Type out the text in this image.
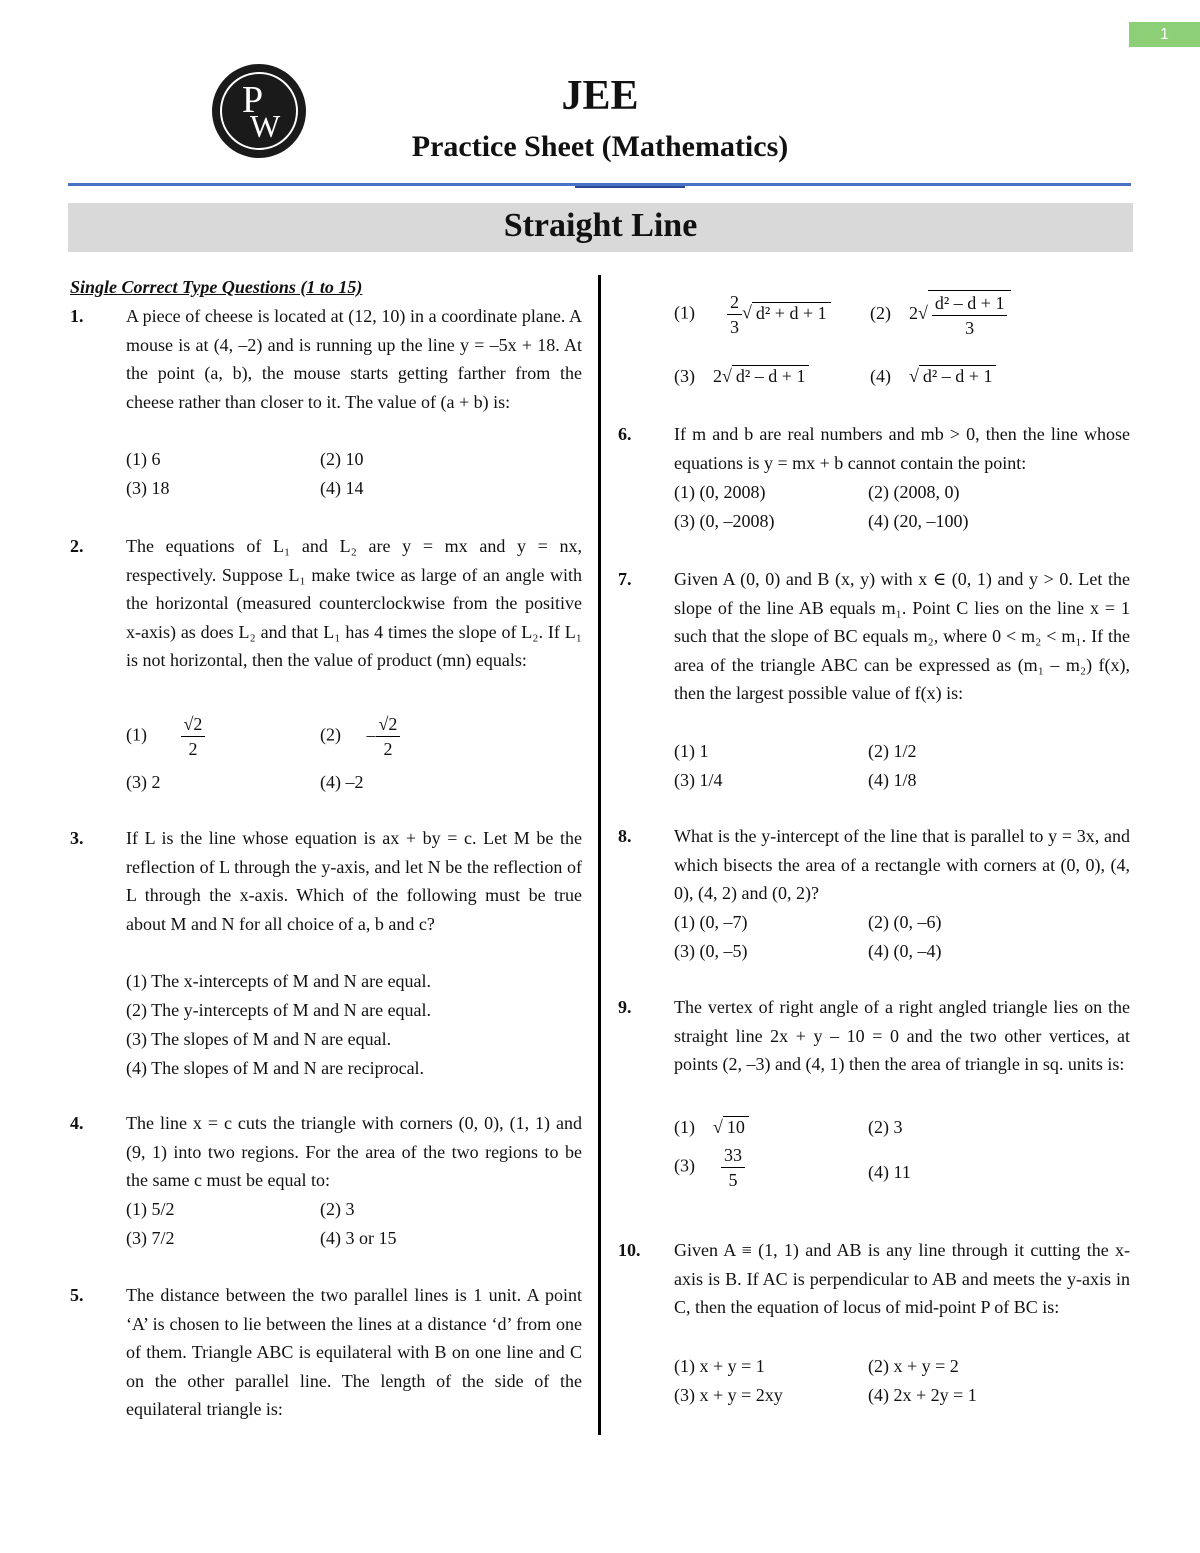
1
P
W
JEE
Practice Sheet (Mathematics)
Straight Line
Single Correct Type Questions (1 to 15)
1. A piece of cheese is located at (12, 10) in a coordinate plane. A mouse is at (4, –2) and is running up the line y = –5x + 18. At the point (a, b), the mouse starts getting farther from the cheese rather than closer to it. The value of (a + b) is:
(1) 6	(2) 10
(3) 18	(4) 14
2. The equations of L₁ and L₂ are y = mx and y = nx, respectively. Suppose L₁ make twice as large of an angle with the horizontal (measured counterclockwise from the positive x-axis) as does L₂ and that L₁ has 4 times the slope of L₂. If L₁ is not horizontal, then the value of product (mn) equals:
$(1) \frac{√2}{2}$	$(2) - \frac{√2}{2}$
(3) 2	(4) –2
3. If L is the line whose equation is ax + by = c. Let M be the reflection of L through the y-axis, and let N be the reflection of L through the x-axis. Which of the following must be true about M and N for all choice of a, b and c?
(1) The x-intercepts of M and N are equal.
(2) The y-intercepts of M and N are equal.
(3) The slopes of M and N are equal.
(4) The slopes of M and N are reciprocal.
4. The line x = c cuts the triangle with corners (0, 0), (1, 1) and (9, 1) into two regions. For the area of the two regions to be the same c must be equal to:
(1) 5/2	(2) 3
(3) 7/2	(4) 3 or 15
5. The distance between the two parallel lines is 1 unit. A point ‘A’ is chosen to lie between the lines at a distance ‘d’ from one of them. Triangle ABC is equilateral with B on one line and C on the other parallel line. The length of the side of the equilateral triangle is:
$(1) \frac{2}{3}$ √ d² + d + 1 (2) $2√ \frac{\text{d² – d + 1}}{3}$
(3) 2√ d² – d + 1	(4)    √ d² – d + 1
6. If m and b are real numbers and mb > 0, then the line whose equations is y = mx + b cannot contain the point:
(1) (0, 2008)	(2) (2008, 0)
(3) (0, –2008)	(4) (20, –100)
7. Given A (0, 0) and B (x, y) with x ∈ (0, 1) and y > 0. Let the slope of the line AB equals m₁. Point C lies on the line x = 1 such that the slope of BC equals m₂, where 0 < m₂ < m₁. If the area of the triangle ABC can be expressed as (m₁ – m₂) f(x), then the largest possible value of f(x) is:
(1) 1	(2) 1/2
(3) 1/4	(4) 1/8
8. What is the y-intercept of the line that is parallel to y = 3x, and which bisects the area of a rectangle with corners at (0, 0), (4, 0), (4, 2) and (0, 2)?
(1) (0, –7)	(2) (0, –6)
(3) (0, –5)	(4) (0, –4)
9. The vertex of right angle of a right angled triangle lies on the straight line 2x + y – 10 = 0 and the two other vertices, at points (2, –3) and (4, 1) then the area of triangle in sq. units is:
(1)    √ 10	(2) 3
$(3) \frac{33}{5}$	(4) 11
10. Given A ≡ (1, 1) and AB is any line through it cutting the x-axis is B. If AC is perpendicular to AB and meets the y-axis in C, then the equation of locus of mid-point P of BC is:
(1) x + y = 1	(2) x + y = 2
(3) x + y = 2xy	(4) 2x + 2y = 1
